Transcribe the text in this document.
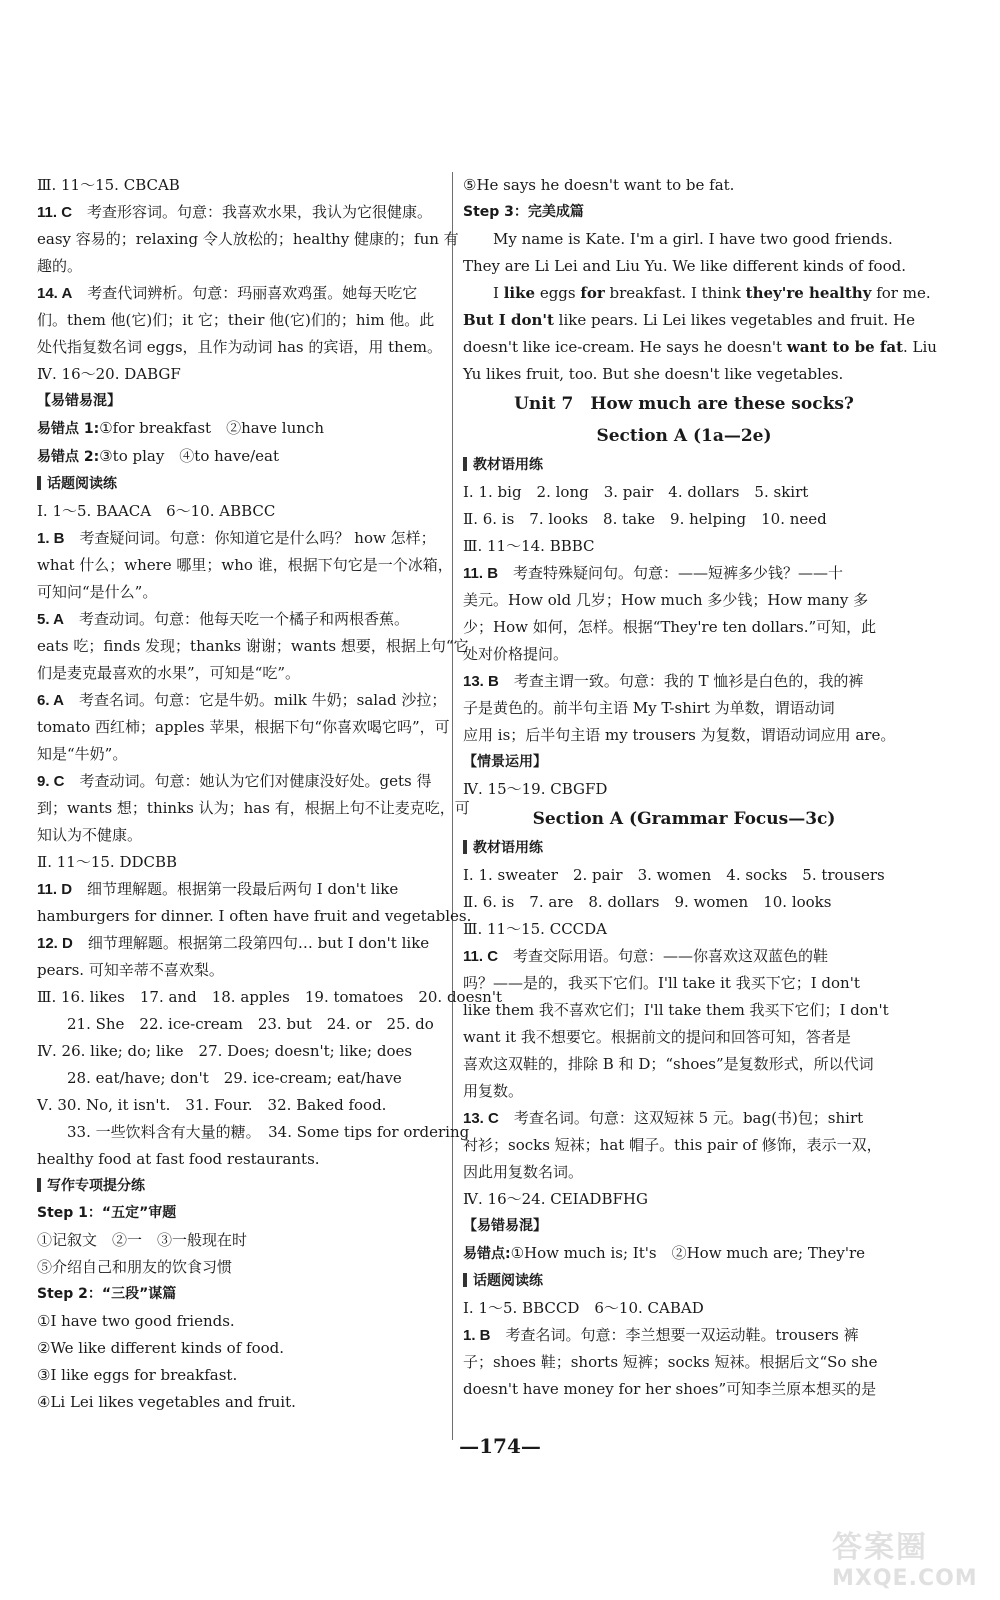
Ⅲ. 11～15. CBCAB
11. C　考查形容词。句意：我喜欢水果，我认为它很健康。
easy 容易的；relaxing 令人放松的；healthy 健康的；fun 有
趣的。
14. A　考查代词辨析。句意：玛丽喜欢鸡蛋。她每天吃它
们。them 他(它)们；it 它；their 他(它)们的；him 他。此
处代指复数名词 eggs，且作为动词 has 的宾语，用 them。
Ⅳ. 16～20. DABGF
【易错易混】
易错点 1:①for breakfast　②have lunch
易错点 2:③to play　④to have/eat
话题阅读练
Ⅰ. 1～5. BAACA　6～10. ABBCC
1. B　考查疑问词。句意：你知道它是什么吗？ how 怎样；
what 什么；where 哪里；who 谁，根据下句它是一个冰箱，
可知问“是什么”。
5. A　考查动词。句意：他每天吃一个橘子和两根香蕉。
eats 吃；finds 发现；thanks 谢谢；wants 想要，根据上句“它
们是麦克最喜欢的水果”，可知是“吃”。
6. A　考查名词。句意：它是牛奶。milk 牛奶；salad 沙拉；
tomato 西红柿；apples 苹果，根据下句“你喜欢喝它吗”，可
知是“牛奶”。
9. C　考查动词。句意：她认为它们对健康没好处。gets 得
到；wants 想；thinks 认为；has 有，根据上句不让麦克吃，可
知认为不健康。
Ⅱ. 11～15. DDCBB
11. D　细节理解题。根据第一段最后两句 I don't like
hamburgers for dinner. I often have fruit and vegetables.
12. D　细节理解题。根据第二段第四句… but I don't like
pears. 可知辛蒂不喜欢梨。
Ⅲ. 16. likes　17. and　18. apples　19. tomatoes　20. doesn't
21. She　22. ice-cream　23. but　24. or　25. do
Ⅳ. 26. like; do; like　27. Does; doesn't; like; does
28. eat/have; don't　29. ice-cream; eat/have
Ⅴ. 30. No, it isn't.　31. Four.　32. Baked food.
33. 一些饮料含有大量的糖。　34. Some tips for ordering
healthy food at fast food restaurants.
写作专项提分练
Step 1：“五定”审题
①记叙文　②一　③一般现在时
⑤介绍自己和朋友的饮食习惯
Step 2：“三段”谋篇
①I have two good friends.
②We like different kinds of food.
③I like eggs for breakfast.
④Li Lei likes vegetables and fruit.
⑤He says he doesn't want to be fat.
Step 3：完美成篇
My name is Kate. I'm a girl. I have two good friends.
They are Li Lei and Liu Yu. We like different kinds of food.
I like eggs for breakfast. I think they're healthy for me.
But I don't like pears. Li Lei likes vegetables and fruit. He
doesn't like ice-cream. He says he doesn't want to be fat. Liu
Yu likes fruit, too. But she doesn't like vegetables.
Unit 7　How much are these socks?
Section A (1a—2e)
教材语用练
Ⅰ. 1. big　2. long　3. pair　4. dollars　5. skirt
Ⅱ. 6. is　7. looks　8. take　9. helping　10. need
Ⅲ. 11～14. BBBC
11. B　考查特殊疑问句。句意：——短裤多少钱？——十
美元。How old 几岁；How much 多少钱；How many 多
少；How 如何，怎样。根据“They're ten dollars.”可知，此
处对价格提问。
13. B　考查主谓一致。句意：我的 T 恤衫是白色的，我的裤
子是黄色的。前半句主语 My T-shirt 为单数，谓语动词
应用 is；后半句主语 my trousers 为复数，谓语动词应用 are。
【情景运用】
Ⅳ. 15～19. CBGFD
Section A (Grammar Focus—3c)
教材语用练
Ⅰ. 1. sweater　2. pair　3. women　4. socks　5. trousers
Ⅱ. 6. is　7. are　8. dollars　9. women　10. looks
Ⅲ. 11～15. CCCDA
11. C　考查交际用语。句意：——你喜欢这双蓝色的鞋
吗？——是的，我买下它们。I'll take it 我买下它；I don't
like them 我不喜欢它们；I'll take them 我买下它们；I don't
want it 我不想要它。根据前文的提问和回答可知，答者是
喜欢这双鞋的，排除 B 和 D；“shoes”是复数形式，所以代词
用复数。
13. C　考查名词。句意：这双短袜 5 元。bag(书)包；shirt
衬衫；socks 短袜；hat 帽子。this pair of 修饰，表示一双，
因此用复数名词。
Ⅳ. 16～24. CEIADBFHG
【易错易混】
易错点:①How much is; It's　②How much are; They're
话题阅读练
Ⅰ. 1～5. BBCCD　6～10. CABAD
1. B　考查名词。句意：李兰想要一双运动鞋。trousers 裤
子；shoes 鞋；shorts 短裤；socks 短袜。根据后文“So she
doesn't have money for her shoes”可知李兰原本想买的是
—174—
答案圈
MXQE.COM
